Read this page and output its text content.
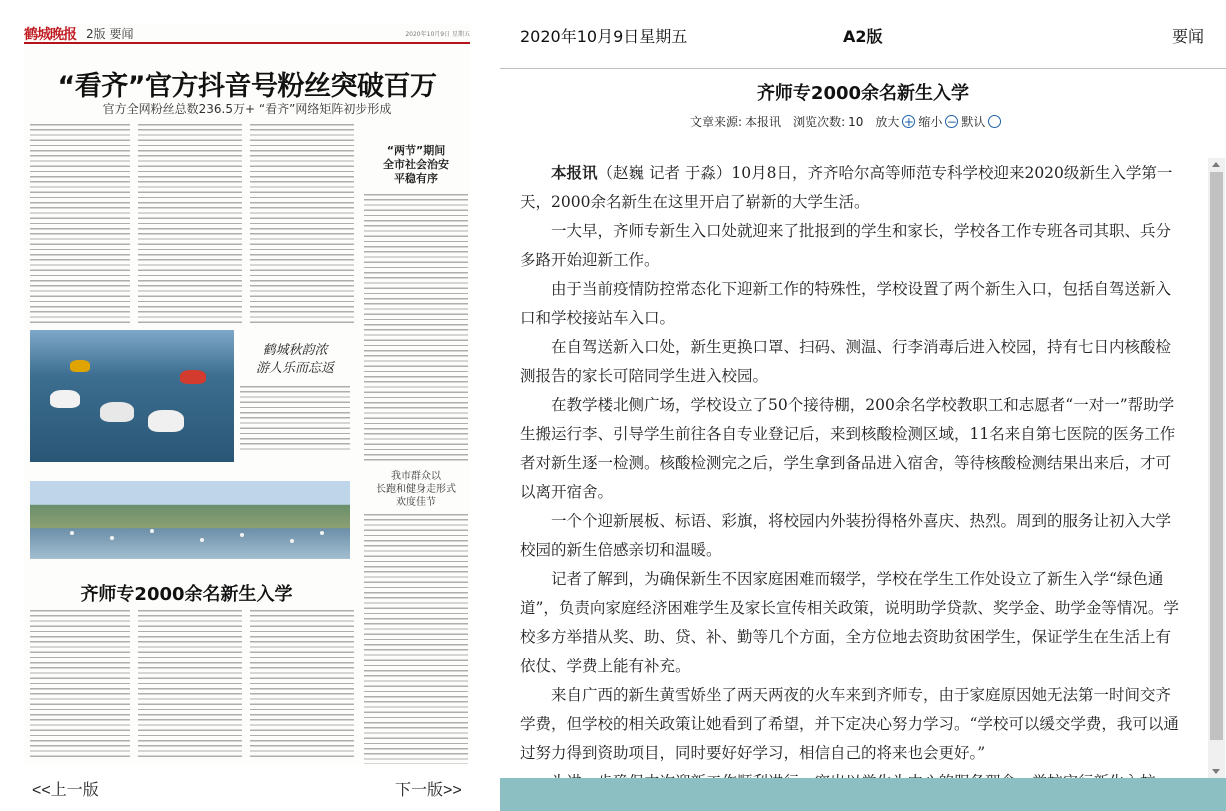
鹤城晚报 2版 要闻	2020年10月9日 星期五
“看齐”官方抖音号粉丝突破百万
官方全网粉丝总数236.5万+ “看齐”网络矩阵初步形成
“两节”期间
全市社会治安
平稳有序
鹤城秋韵浓
游人乐而忘返
我市群众以
长跑和健身走形式
欢度佳节
齐师专2000余名新生入学
<<上一版	下一版>>
2020年10月9日星期五	A2版	要闻
齐师专2000余名新生入学
文章来源: 本报讯 浏览次数: 10 放大 + 缩小 − 默认

本报讯（赵巍 记者 于淼）10月8日，齐齐哈尔高等师范专科学校迎来2020级新生入学第一天，2000余名新生在这里开启了崭新的大学生活。

一大早，齐师专新生入口处就迎来了批报到的学生和家长，学校各工作专班各司其职、兵分多路开始迎新工作。

由于当前疫情防控常态化下迎新工作的特殊性，学校设置了两个新生入口，包括自驾送新入口和学校接站车入口。

在自驾送新入口处，新生更换口罩、扫码、测温、行李消毒后进入校园，持有七日内核酸检测报告的家长可陪同学生进入校园。

在教学楼北侧广场，学校设立了50个接待棚，200余名学校教职工和志愿者“一对一”帮助学生搬运行李、引导学生前往各自专业登记后，来到核酸检测区域，11名来自第七医院的医务工作者对新生逐一检测。核酸检测完之后，学生拿到备品进入宿舍，等待核酸检测结果出来后，才可以离开宿舍。

一个个迎新展板、标语、彩旗，将校园内外装扮得格外喜庆、热烈。周到的服务让初入大学校园的新生倍感亲切和温暖。

记者了解到，为确保新生不因家庭困难而辍学，学校在学生工作处设立了新生入学“绿色通道”，负责向家庭经济困难学生及家长宣传相关政策，说明助学贷款、奖学金、助学金等情况。学校多方举措从奖、助、贷、补、勤等几个方面，全方位地去资助贫困学生，保证学生在生活上有依仗、学费上能有补充。

来自广西的新生黄雪娇坐了两天两夜的火车来到齐师专，由于家庭原因她无法第一时间交齐学费，但学校的相关政策让她看到了希望，并下定决心努力学习。“学校可以缓交学费，我可以通过努力得到资助项目，同时要好好学习，相信自己的将来也会更好。”
